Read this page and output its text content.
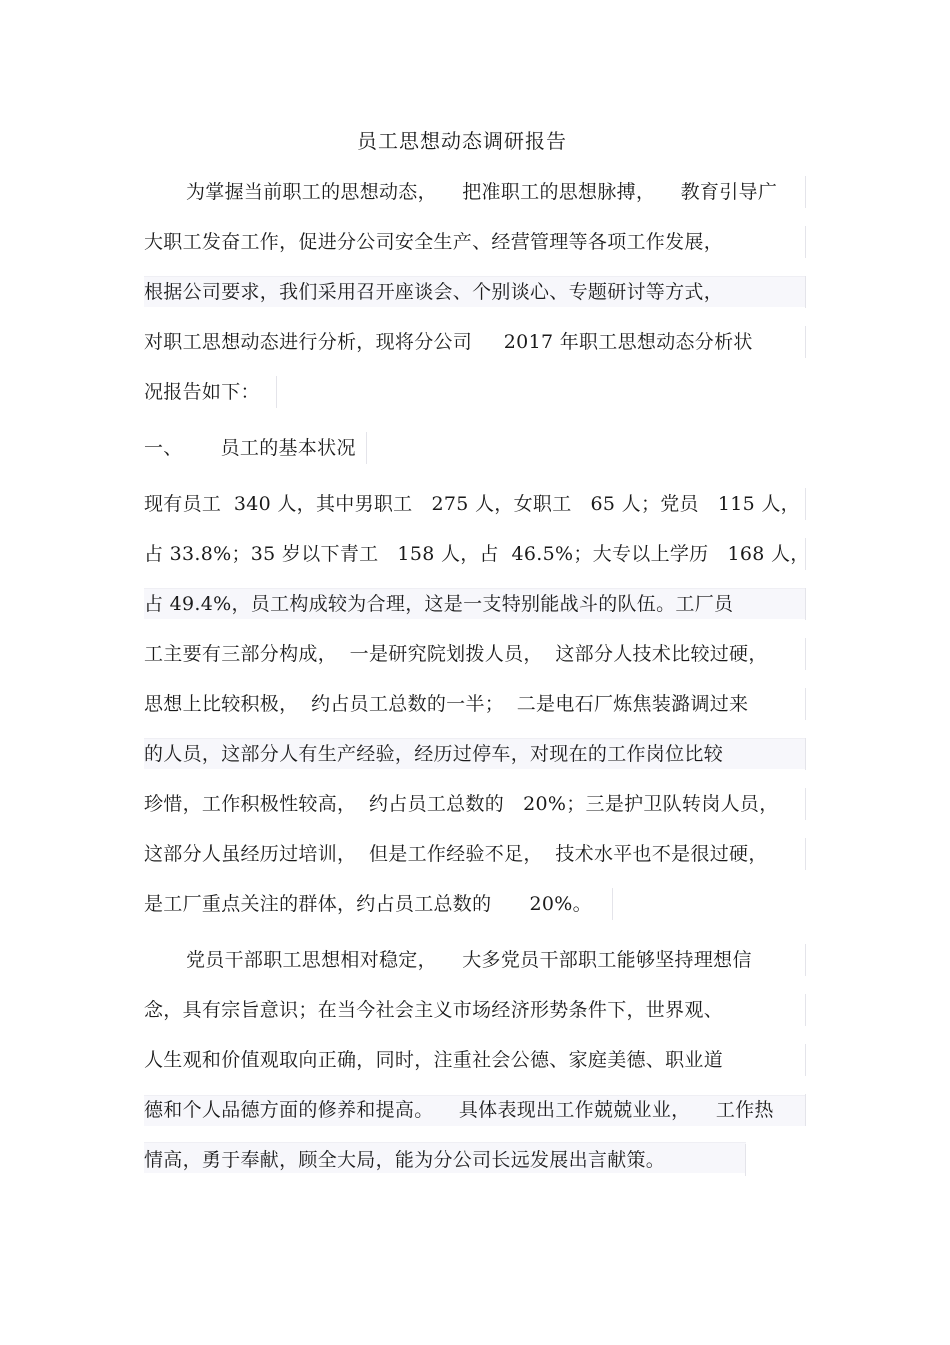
员工思想动态调研报告
为掌握当前职工的思想动态，    把准职工的思想脉搏，    教育引导广
大职工发奋工作，促进分公司安全生产、经营管理等各项工作发展，
根据公司要求，我们采用召开座谈会、个别谈心、专题研讨等方式，
对职工思想动态进行分析，现将分公司     2017 年职工思想动态分析状
况报告如下：
一、      员工的基本状况
现有员工  340 人，其中男职工   275 人，女职工   65 人；党员   115 人，
占 33.8%；35 岁以下青工   158 人，占  46.5%；大专以上学历   168 人，
占 49.4%，员工构成较为合理，这是一支特别能战斗的队伍。工厂员
工主要有三部分构成，  一是研究院划拨人员，  这部分人技术比较过硬，
思想上比较积极，  约占员工总数的一半；  二是电石厂炼焦装潞调过来
的人员，这部分人有生产经验，经历过停车，对现在的工作岗位比较
珍惜，工作积极性较高，  约占员工总数的   20%；三是护卫队转岗人员，
这部分人虽经历过培训，  但是工作经验不足，  技术水平也不是很过硬，
是工厂重点关注的群体，约占员工总数的      20%。
党员干部职工思想相对稳定，    大多党员干部职工能够坚持理想信
念，具有宗旨意识；在当今社会主义市场经济形势条件下，世界观、
人生观和价值观取向正确，同时，注重社会公德、家庭美德、职业道
德和个人品德方面的修养和提高。    具体表现出工作兢兢业业，    工作热
情高，勇于奉献，顾全大局，能为分公司长远发展出言献策。
